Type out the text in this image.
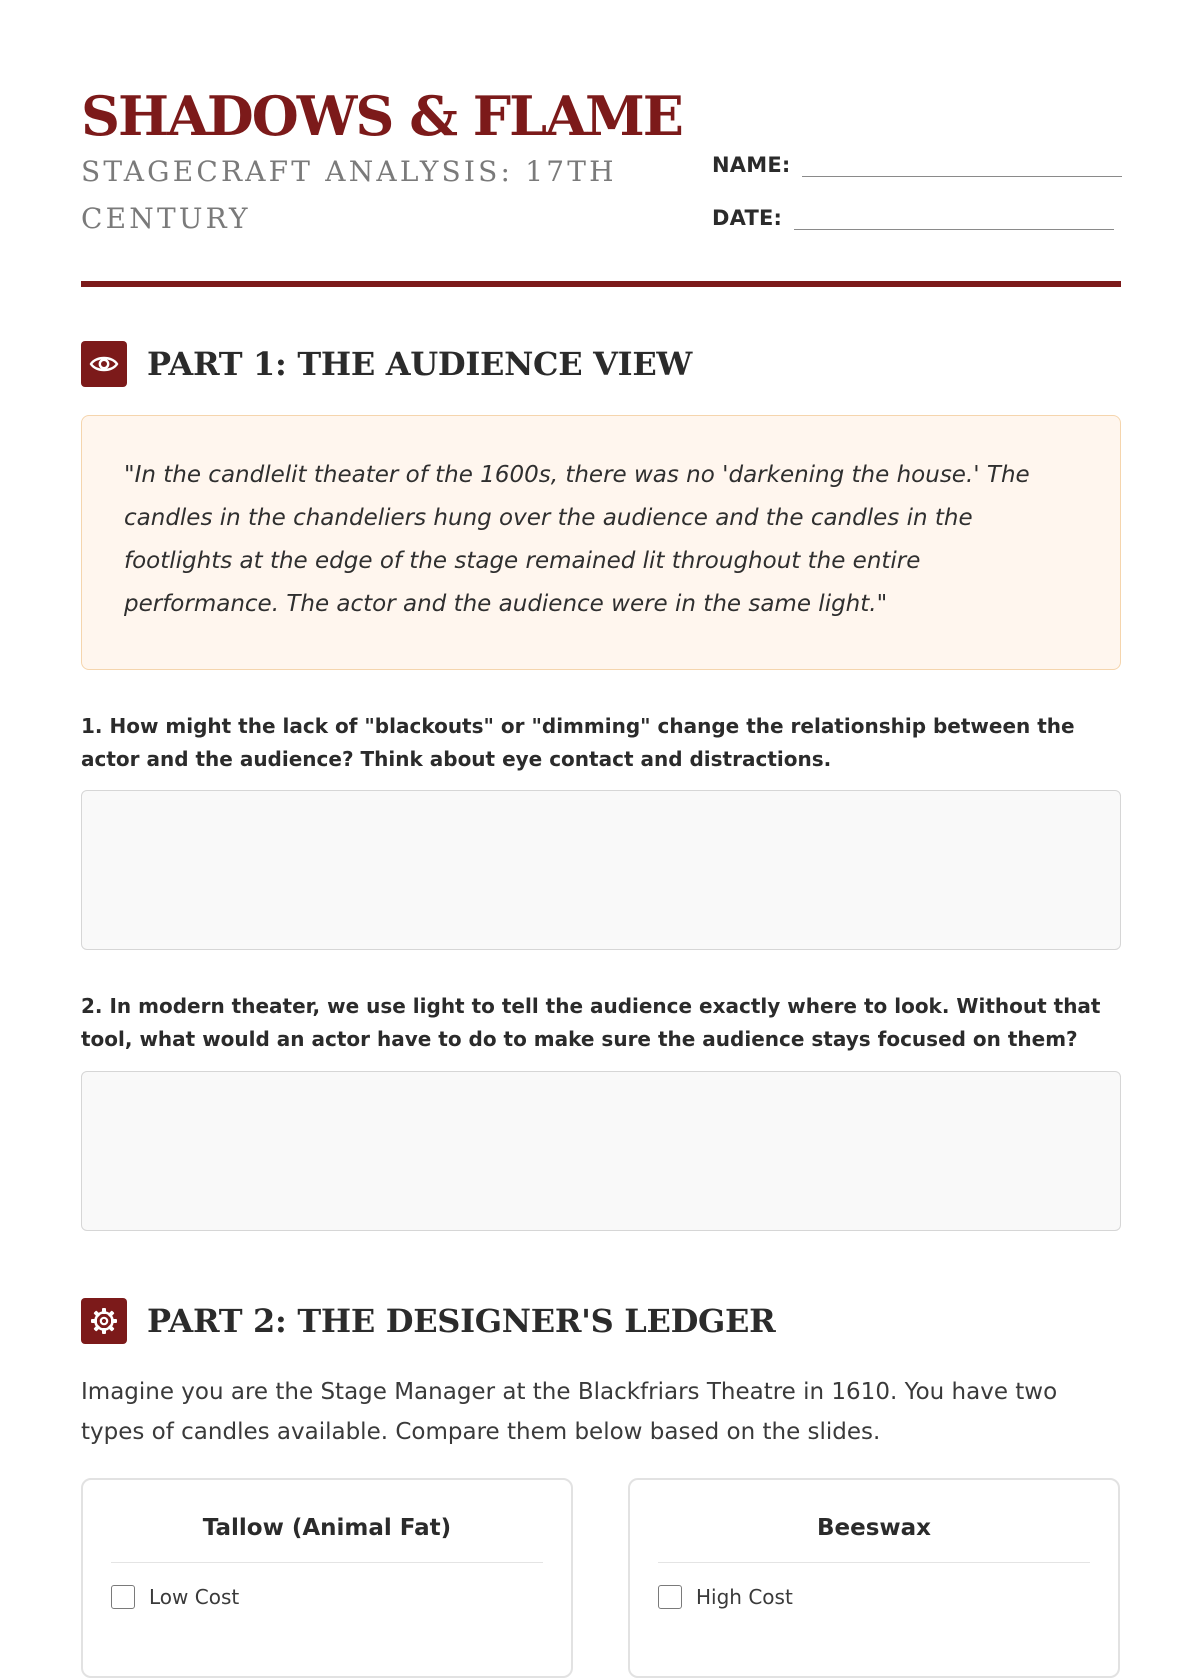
SHADOWS & FLAME

STAGECRAFT ANALYSIS: 17TH CENTURY

NAME:
DATE:
PART 1: THE AUDIENCE VIEW

"In the candlelit theater of the 1600s, there was no 'darkening the house.' The candles in the chandeliers hung over the audience and the candles in the footlights at the edge of the stage remained lit throughout the entire performance. The actor and the audience were in the same light."

1. How might the lack of "blackouts" or "dimming" change the relationship between the actor and the audience? Think about eye contact and distractions.

2. In modern theater, we use light to tell the audience exactly where to look. Without that tool, what would an actor have to do to make sure the audience stays focused on them?

PART 2: THE DESIGNER'S LEDGER

Imagine you are the Stage Manager at the Blackfriars Theatre in 1610. You have two types of candles available. Compare them below based on the slides.

Tallow (Animal Fat)
Low Cost
Beeswax
High Cost
